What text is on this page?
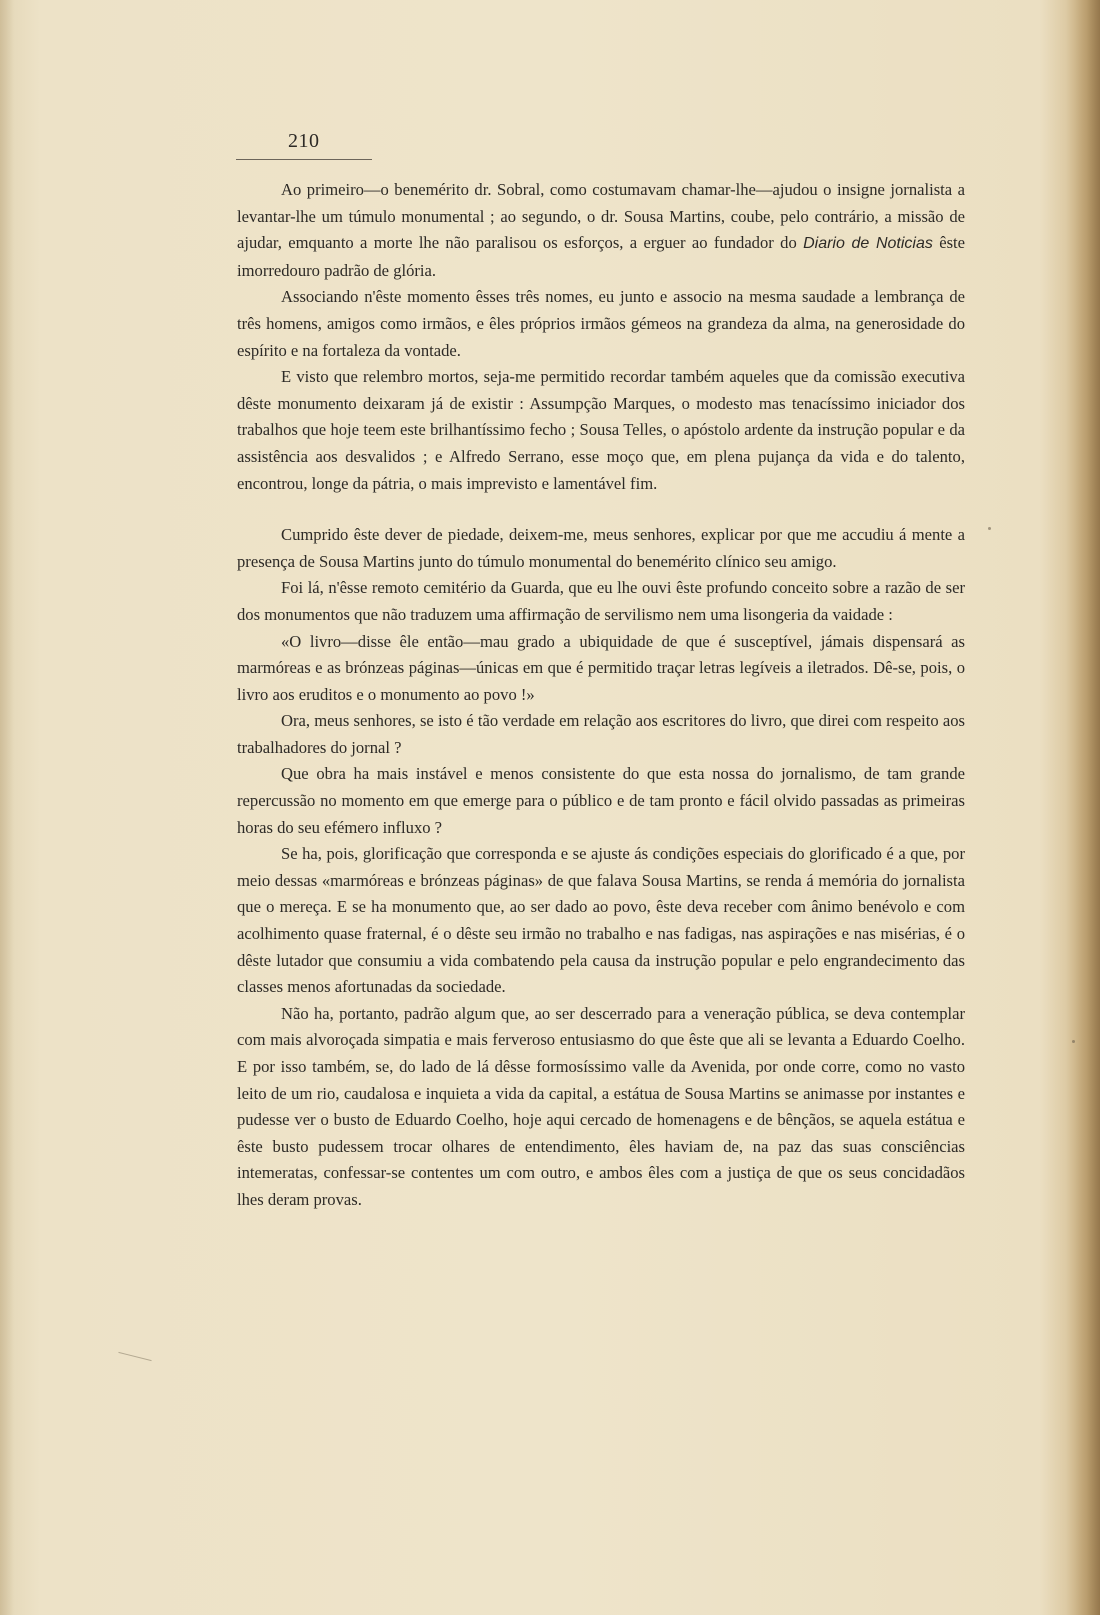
210

Ao primeiro—o benemérito dr. Sobral, como costumavam chamar-lhe—ajudou o insigne jornalista a levantar-lhe um túmulo monumental ; ao segundo, o dr. Sousa Martins, coube, pelo contrário, a missão de ajudar, emquanto a morte lhe não paralisou os esforços, a erguer ao fundador do Diario de Noticias êste imorredouro padrão de glória.

Associando n'êste momento êsses três nomes, eu junto e associo na mesma saudade a lembrança de três homens, amigos como irmãos, e êles próprios irmãos gémeos na grandeza da alma, na generosidade do espírito e na fortaleza da vontade.

E visto que relembro mortos, seja-me permitido recordar também aqueles que da comissão executiva dêste monumento deixaram já de existir : Assumpção Marques, o modesto mas tenacíssimo iniciador dos trabalhos que hoje teem este brilhantíssimo fecho ; Sousa Telles, o apóstolo ardente da instrução popular e da assistência aos desvalidos ; e Alfredo Serrano, esse moço que, em plena pujança da vida e do talento, encontrou, longe da pátria, o mais imprevisto e lamentável fim.

Cumprido êste dever de piedade, deixem-me, meus senhores, explicar por que me accudiu á mente a presença de Sousa Martins junto do túmulo monumental do benemérito clínico seu amigo.

Foi lá, n'êsse remoto cemitério da Guarda, que eu lhe ouvi êste profundo conceito sobre a razão de ser dos monumentos que não traduzem uma affirmação de servilismo nem uma lisongeria da vaidade :

«O livro—disse êle então—mau grado a ubiquidade de que é susceptível, jámais dispensará as marmóreas e as brónzeas páginas—únicas em que é permitido traçar letras legíveis a iletrados. Dê-se, pois, o livro aos eruditos e o monumento ao povo !»

Ora, meus senhores, se isto é tão verdade em relação aos escritores do livro, que direi com respeito aos trabalhadores do jornal ?

Que obra ha mais instável e menos consistente do que esta nossa do jornalismo, de tam grande repercussão no momento em que emerge para o público e de tam pronto e fácil olvido passadas as primeiras horas do seu efémero influxo ?

Se ha, pois, glorificação que corresponda e se ajuste ás condições especiais do glorificado é a que, por meio dessas «marmóreas e brónzeas páginas» de que falava Sousa Martins, se renda á memória do jornalista que o mereça. E se ha monumento que, ao ser dado ao povo, êste deva receber com ânimo benévolo e com acolhimento quase fraternal, é o dêste seu irmão no trabalho e nas fadigas, nas aspirações e nas misérias, é o dêste lutador que consumiu a vida combatendo pela causa da instrução popular e pelo engrandecimento das classes menos afortunadas da sociedade.

Não ha, portanto, padrão algum que, ao ser descerrado para a veneração pública, se deva contemplar com mais alvoroçada simpatia e mais ferveroso entusiasmo do que êste que ali se levanta a Eduardo Coelho. E por isso também, se, do lado de lá dêsse formosíssimo valle da Avenida, por onde corre, como no vasto leito de um rio, caudalosa e inquieta a vida da capital, a estátua de Sousa Martins se animasse por instantes e pudesse ver o busto de Eduardo Coelho, hoje aqui cercado de homenagens e de bênçãos, se aquela estátua e êste busto pudessem trocar olhares de entendimento, êles haviam de, na paz das suas consciências intemeratas, confessar-se contentes um com outro, e ambos êles com a justiça de que os seus concidadãos lhes deram provas.
